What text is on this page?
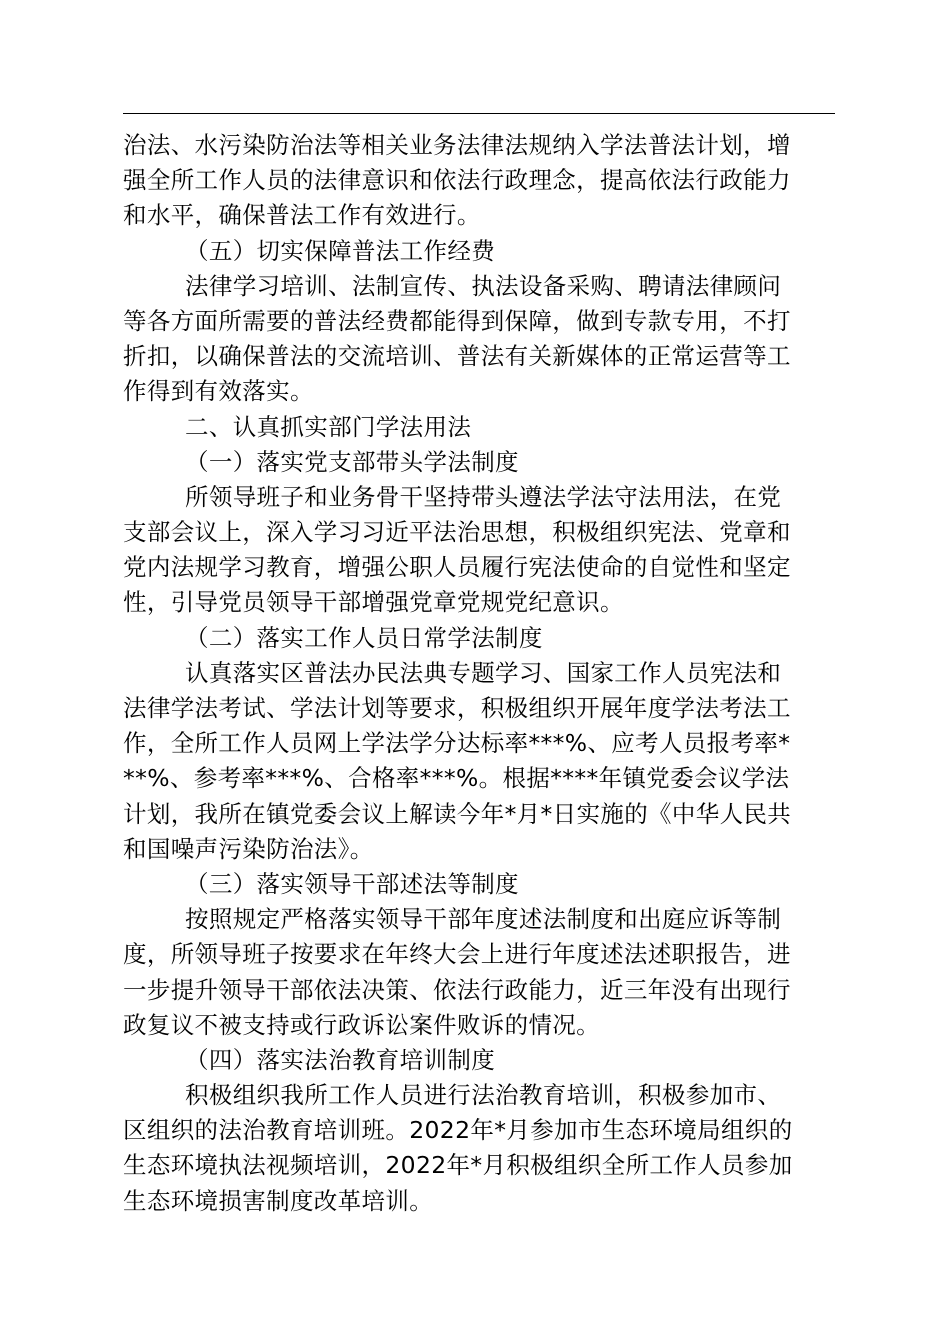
治法、水污染防治法等相关业务法律法规纳入学法普法计划，增
强全所工作人员的法律意识和依法行政理念，提高依法行政能力
和水平，确保普法工作有效进行。
（五）切实保障普法工作经费
法律学习培训、法制宣传、执法设备采购、聘请法律顾问
等各方面所需要的普法经费都能得到保障，做到专款专用，不打
折扣，以确保普法的交流培训、普法有关新媒体的正常运营等工
作得到有效落实。
二、认真抓实部门学法用法
（一）落实党支部带头学法制度
所领导班子和业务骨干坚持带头遵法学法守法用法，在党
支部会议上，深入学习习近平法治思想，积极组织宪法、党章和
党内法规学习教育，增强公职人员履行宪法使命的自觉性和坚定
性，引导党员领导干部增强党章党规党纪意识。
（二）落实工作人员日常学法制度
认真落实区普法办民法典专题学习、国家工作人员宪法和
法律学法考试、学法计划等要求，积极组织开展年度学法考法工
作，全所工作人员网上学法学分达标率***%、应考人员报考率*
**%、参考率***%、合格率***%。根据****年镇党委会议学法
计划，我所在镇党委会议上解读今年*月*日实施的《中华人民共
和国噪声污染防治法》。
（三）落实领导干部述法等制度
按照规定严格落实领导干部年度述法制度和出庭应诉等制
度，所领导班子按要求在年终大会上进行年度述法述职报告，进
一步提升领导干部依法决策、依法行政能力，近三年没有出现行
政复议不被支持或行政诉讼案件败诉的情况。
（四）落实法治教育培训制度
积极组织我所工作人员进行法治教育培训，积极参加市、
区组织的法治教育培训班。2022年*月参加市生态环境局组织的
生态环境执法视频培训，2022年*月积极组织全所工作人员参加
生态环境损害制度改革培训。
